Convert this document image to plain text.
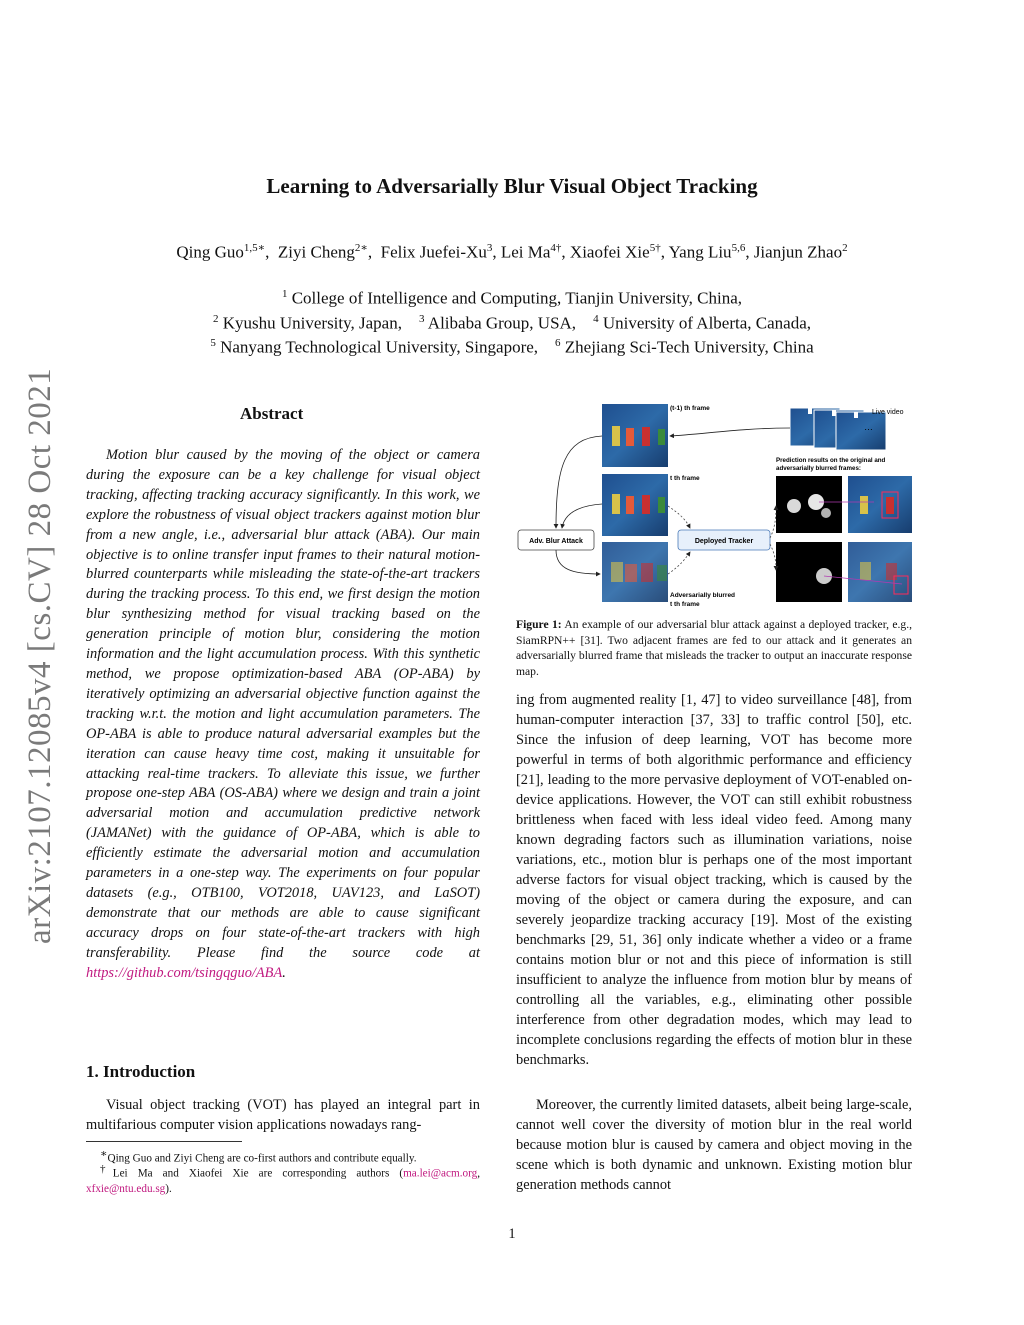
arXiv:2107.12085v4 [cs.CV] 28 Oct 2021
Learning to Adversarially Blur Visual Object Tracking
Qing Guo$^{1,5∗}$,  Ziyi Cheng$^{2∗}$,  Felix Juefei-Xu$^3$, Lei $Ma^{4\dagger}$, Xiaofei Xie$^{5\dagger}$, Yang Liu$^{5,6}$, Jianjun Zhao$^2$
$^1$ College of Intelligence and Computing, Tianjin University, China,
$^2$ Kyushu University, Japan, $^3$ Alibaba Group, USA, $^4$ University of Alberta, Canada,
$^5$ Nanyang Technological University, Singapore, $^6$ Zhejiang Sci-Tech University, China
Abstract
Motion blur caused by the moving of the object or camera during the exposure can be a key challenge for visual object tracking, affecting tracking accuracy significantly. In this work, we explore the robustness of visual object trackers against motion blur from a new angle, i.e., adversarial blur attack (ABA). Our main objective is to online transfer input frames to their natural motion-blurred counterparts while misleading the state-of-the-art trackers during the tracking process. To this end, we first design the motion blur synthesizing method for visual tracking based on the generation principle of motion blur, considering the motion information and the light accumulation process. With this synthetic method, we propose optimization-based ABA (OP-ABA) by iteratively optimizing an adversarial objective function against the tracking w.r.t. the motion and light accumulation parameters. The OP-ABA is able to produce natural adversarial examples but the iteration can cause heavy time cost, making it unsuitable for attacking real-time trackers. To alleviate this issue, we further propose one-step ABA (OS-ABA) where we design and train a joint adversarial motion and accumulation predictive network (JAMANet) with the guidance of OP-ABA, which is able to efficiently estimate the adversarial motion and accumulation parameters in a one-step way. The experiments on four popular datasets (e.g., OTB100, VOT2018, UAV123, and LaSOT) demonstrate that our methods are able to cause significant accuracy drops on four state-of-the-art trackers with high transferability. Please find the source code at https://github.com/tsingqguo/ABA.
1. Introduction
Visual object tracking (VOT) has played an integral part in multifarious computer vision applications nowadays rang-
∗Qing Guo and Ziyi Cheng are co-first authors and contribute equally.
†Lei Ma and Xiaofei Xie are corresponding authors (ma.lei@acm.org, xfxie@ntu.edu.sg).
Live video
…
(t-1) th frame
t th frame
Adversarially blurred
t th frame
Adv. Blur Attack	Deployed Tracker
Prediction results on the original and
adversarially blurred frames:
Figure 1: An example of our adversarial blur attack against a deployed tracker, e.g., SiamRPN++ [31]. Two adjacent frames are fed to our attack and it generates an adversarially blurred frame that misleads the tracker to output an inaccurate response map.
ing from augmented reality [1, 47] to video surveillance [48], from human-computer interaction [37, 33] to traffic control [50], etc. Since the infusion of deep learning, VOT has become more powerful in terms of both algorithmic performance and efficiency [21], leading to the more pervasive deployment of VOT-enabled on-device applications. However, the VOT can still exhibit robustness brittleness when faced with less ideal video feed. Among many known degrading factors such as illumination variations, noise variations, etc., motion blur is perhaps one of the most important adverse factors for visual object tracking, which is caused by the moving of the object or camera during the exposure, and can severely jeopardize tracking accuracy [19]. Most of the existing benchmarks [29, 51, 36] only indicate whether a video or a frame contains motion blur or not and this piece of information is still insufficient to analyze the influence from motion blur by means of controlling all the variables, e.g., eliminating other possible interference from other degradation modes, which may lead to incomplete conclusions regarding the effects of motion blur in these benchmarks.
Moreover, the currently limited datasets, albeit being large-scale, cannot well cover the diversity of motion blur in the real world because motion blur is caused by camera and object moving in the scene which is both dynamic and unknown. Existing motion blur generation methods cannot
1
